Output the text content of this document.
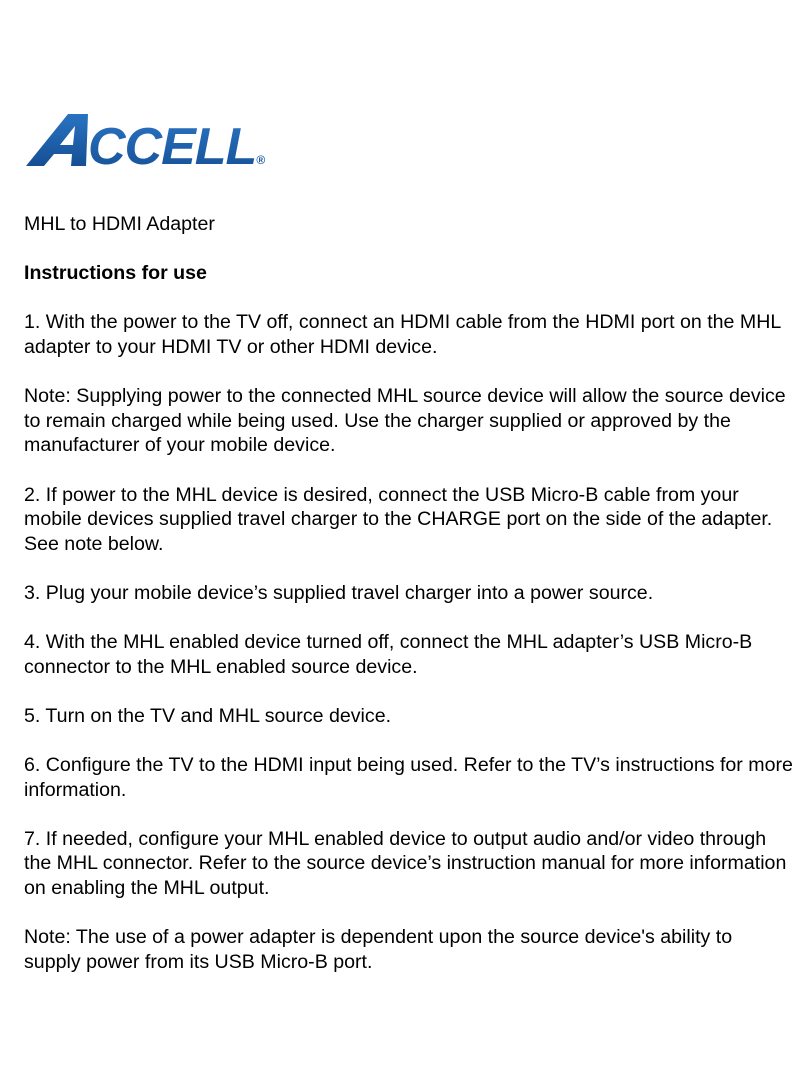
CCELL®

MHL to HDMI Adapter

Instructions for use

1. With the power to the TV off, connect an HDMI cable from the HDMI port on the MHL adapter to your HDMI TV or other HDMI device.

Note: Supplying power to the connected MHL source device will allow the source device to remain charged while being used. Use the charger supplied or approved by the manufacturer of your mobile device.

2. If power to the MHL device is desired, connect the USB Micro-B cable from your mobile devices supplied travel charger to the CHARGE port on the side of the adapter. See note below.

3. Plug your mobile device’s supplied travel charger into a power source.

4. With the MHL enabled device turned off, connect the MHL adapter’s USB Micro-B connector to the MHL enabled source device.

5. Turn on the TV and MHL source device.

6. Configure the TV to the HDMI input being used. Refer to the TV’s instructions for more information.

7. If needed, configure your MHL enabled device to output audio and/or video through the MHL connector. Refer to the source device’s instruction manual for more information on enabling the MHL output.

Note: The use of a power adapter is dependent upon the source device's ability to supply power from its USB Micro-B port.
